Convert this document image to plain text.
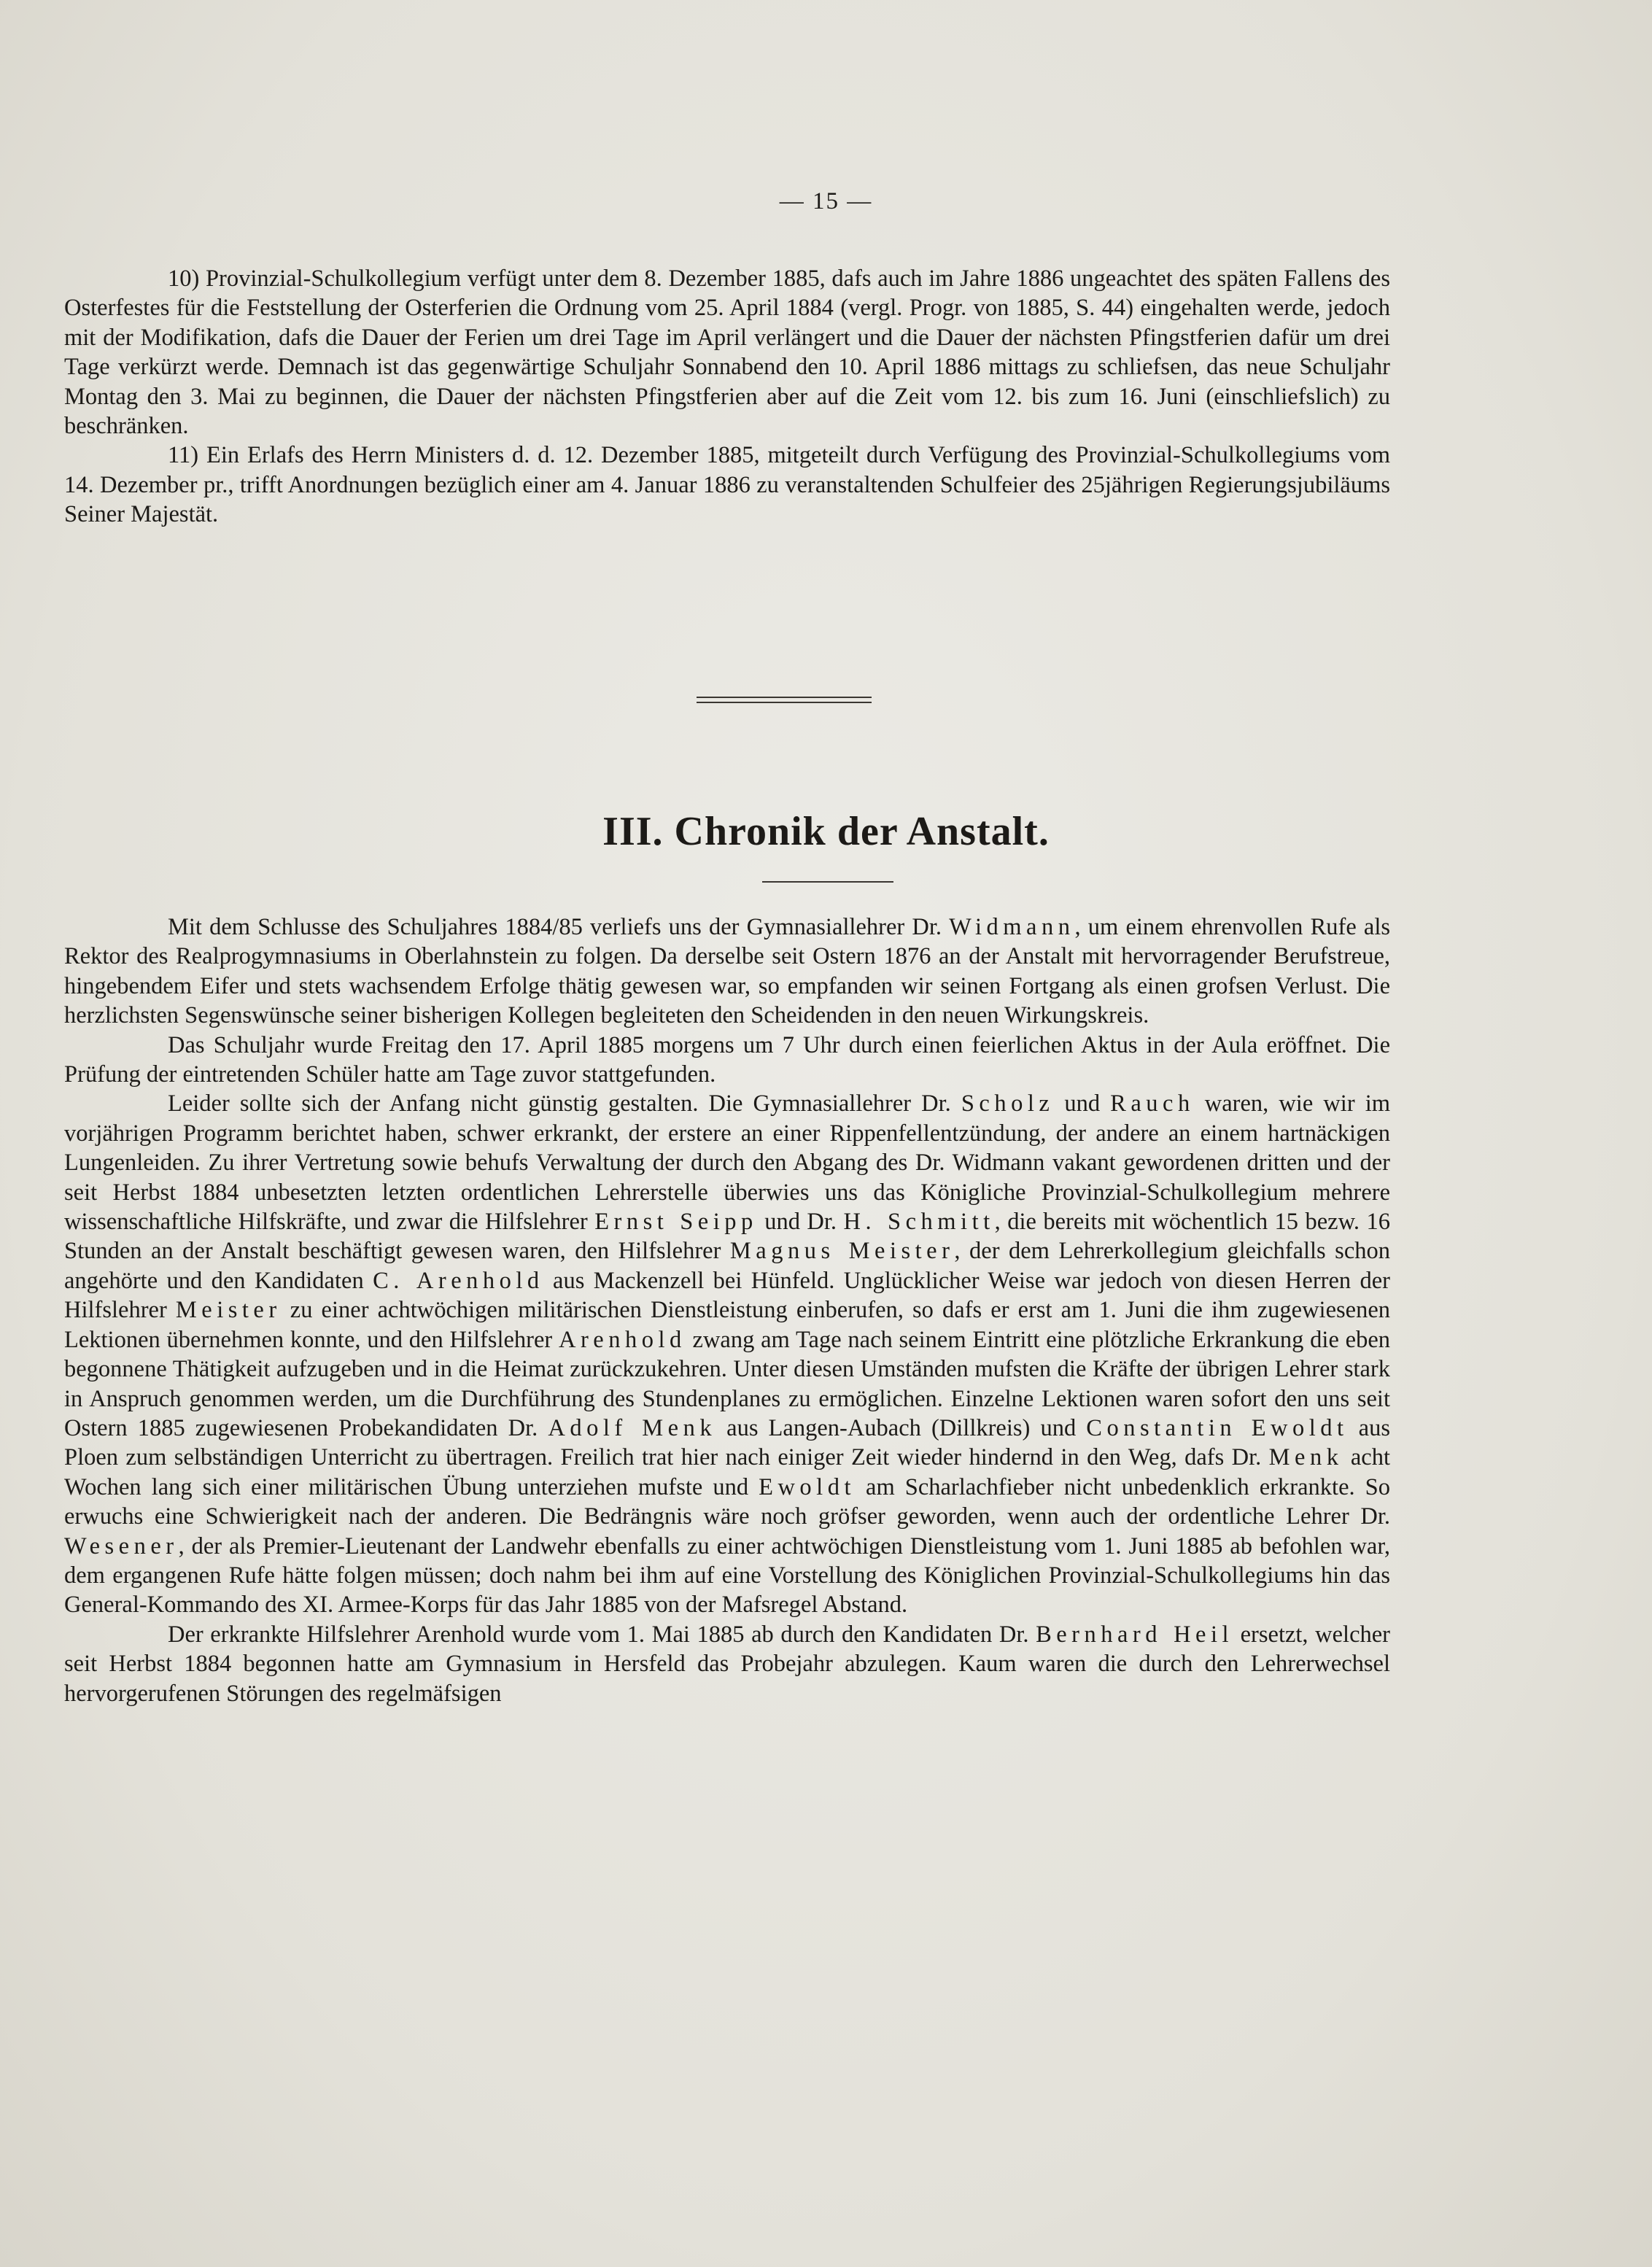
— 15 —

10) Provinzial-Schulkollegium verfügt unter dem 8. Dezember 1885, dafs auch im Jahre 1886 ungeachtet des späten Fallens des Osterfestes für die Feststellung der Osterferien die Ordnung vom 25. April 1884 (vergl. Progr. von 1885, S. 44) eingehalten werde, jedoch mit der Modifikation, dafs die Dauer der Ferien um drei Tage im April verlängert und die Dauer der nächsten Pfingstferien dafür um drei Tage verkürzt werde. Demnach ist das gegenwärtige Schuljahr Sonnabend den 10. April 1886 mittags zu schliefsen, das neue Schuljahr Montag den 3. Mai zu beginnen, die Dauer der nächsten Pfingstferien aber auf die Zeit vom 12. bis zum 16. Juni (einschliefslich) zu beschränken.

11) Ein Erlafs des Herrn Ministers d. d. 12. Dezember 1885, mitgeteilt durch Verfügung des Provinzial-Schulkollegiums vom 14. Dezember pr., trifft Anordnungen bezüglich einer am 4. Januar 1886 zu veranstaltenden Schulfeier des 25jährigen Regierungsjubiläums Seiner Majestät.

III. Chronik der Anstalt.

Mit dem Schlusse des Schuljahres 1884/85 verliefs uns der Gymnasiallehrer Dr. Widmann, um einem ehrenvollen Rufe als Rektor des Realprogymnasiums in Oberlahnstein zu folgen. Da derselbe seit Ostern 1876 an der Anstalt mit hervorragender Berufstreue, hingebendem Eifer und stets wachsendem Erfolge thätig gewesen war, so empfanden wir seinen Fortgang als einen grofsen Verlust. Die herzlichsten Segenswünsche seiner bisherigen Kollegen begleiteten den Scheidenden in den neuen Wirkungskreis.

Das Schuljahr wurde Freitag den 17. April 1885 morgens um 7 Uhr durch einen feierlichen Aktus in der Aula eröffnet. Die Prüfung der eintretenden Schüler hatte am Tage zuvor stattgefunden.

Leider sollte sich der Anfang nicht günstig gestalten. Die Gymnasiallehrer Dr. Scholz und Rauch waren, wie wir im vorjährigen Programm berichtet haben, schwer erkrankt, der erstere an einer Rippenfellentzündung, der andere an einem hartnäckigen Lungenleiden. Zu ihrer Vertretung sowie behufs Verwaltung der durch den Abgang des Dr. Widmann vakant gewordenen dritten und der seit Herbst 1884 unbesetzten letzten ordentlichen Lehrerstelle überwies uns das Königliche Provinzial-Schulkollegium mehrere wissenschaftliche Hilfskräfte, und zwar die Hilfslehrer Ernst Seipp und Dr. H. Schmitt, die bereits mit wöchentlich 15 bezw. 16 Stunden an der Anstalt beschäftigt gewesen waren, den Hilfslehrer Magnus Meister, der dem Lehrerkollegium gleichfalls schon angehörte und den Kandidaten C. Arenhold aus Mackenzell bei Hünfeld. Unglücklicher Weise war jedoch von diesen Herren der Hilfslehrer Meister zu einer achtwöchigen militärischen Dienstleistung einberufen, so dafs er erst am 1. Juni die ihm zugewiesenen Lektionen übernehmen konnte, und den Hilfslehrer Arenhold zwang am Tage nach seinem Eintritt eine plötzliche Erkrankung die eben begonnene Thätigkeit aufzugeben und in die Heimat zurückzukehren. Unter diesen Umständen mufsten die Kräfte der übrigen Lehrer stark in Anspruch genommen werden, um die Durchführung des Stundenplanes zu ermöglichen. Einzelne Lektionen waren sofort den uns seit Ostern 1885 zugewiesenen Probekandidaten Dr. Adolf Menk aus Langen-Aubach (Dillkreis) und Constantin Ewoldt aus Ploen zum selbständigen Unterricht zu übertragen. Freilich trat hier nach einiger Zeit wieder hindernd in den Weg, dafs Dr. Menk acht Wochen lang sich einer militärischen Übung unterziehen mufste und Ewoldt am Scharlachfieber nicht unbedenklich erkrankte. So erwuchs eine Schwierigkeit nach der anderen. Die Bedrängnis wäre noch gröfser geworden, wenn auch der ordentliche Lehrer Dr. Wesener, der als Premier-Lieutenant der Landwehr ebenfalls zu einer achtwöchigen Dienstleistung vom 1. Juni 1885 ab befohlen war, dem ergangenen Rufe hätte folgen müssen; doch nahm bei ihm auf eine Vorstellung des Königlichen Provinzial-Schulkollegiums hin das General-Kommando des XI. Armee-Korps für das Jahr 1885 von der Mafsregel Abstand.

Der erkrankte Hilfslehrer Arenhold wurde vom 1. Mai 1885 ab durch den Kandidaten Dr. Bernhard Heil ersetzt, welcher seit Herbst 1884 begonnen hatte am Gymnasium in Hersfeld das Probejahr abzulegen. Kaum waren die durch den Lehrerwechsel hervorgerufenen Störungen des regelmäfsigen
